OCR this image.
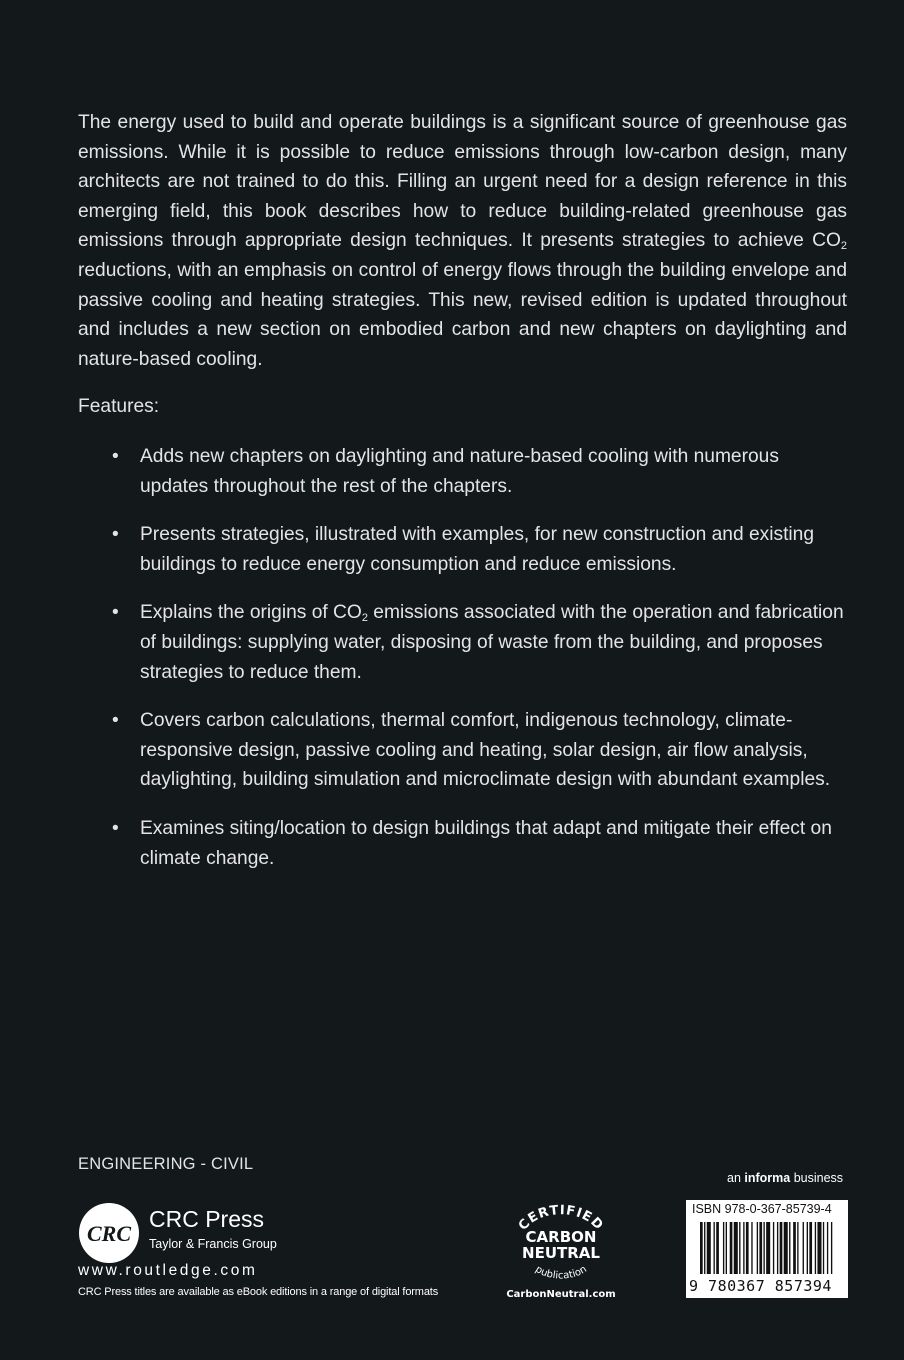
The energy used to build and operate buildings is a significant source of greenhouse gas emissions. While it is possible to reduce emissions through low-carbon design, many architects are not trained to do this. Filling an urgent need for a design reference in this emerging field, this book describes how to reduce building-related greenhouse gas emissions through appropriate design techniques. It presents strategies to achieve $CO_2$ reductions, with an emphasis on control of energy flows through the building envelope and passive cooling and heating strategies. This new, revised edition is updated throughout and includes a new section on embodied carbon and new chapters on daylighting and nature-based cooling.

Features:

• Adds new chapters on daylighting and nature-based cooling with numerous updates throughout the rest of the chapters.
• Presents strategies, illustrated with examples, for new construction and existing buildings to reduce energy consumption and reduce emissions.
• Explains the origins of $CO_2$ emissions associated with the operation and fabrication of buildings: supplying water, disposing of waste from the building, and proposes strategies to reduce them.
• Covers carbon calculations, thermal comfort, indigenous technology, climate-responsive design, passive cooling and heating, solar design, air flow analysis, daylighting, building simulation and microclimate design with abundant examples.
• Examines siting/location to design buildings that adapt and mitigate their effect on climate change.
ENGINEERING - CIVIL
CRC
CRC Press
Taylor & Francis Group
www.routledge.com
CRC Press titles are available as eBook editions in a range of digital formats
CERTIFIED
CARBON
NEUTRAL
publication
CarbonNeutral.com
an informa business
ISBN 978-0-367-85739-4
9 780367 857394
